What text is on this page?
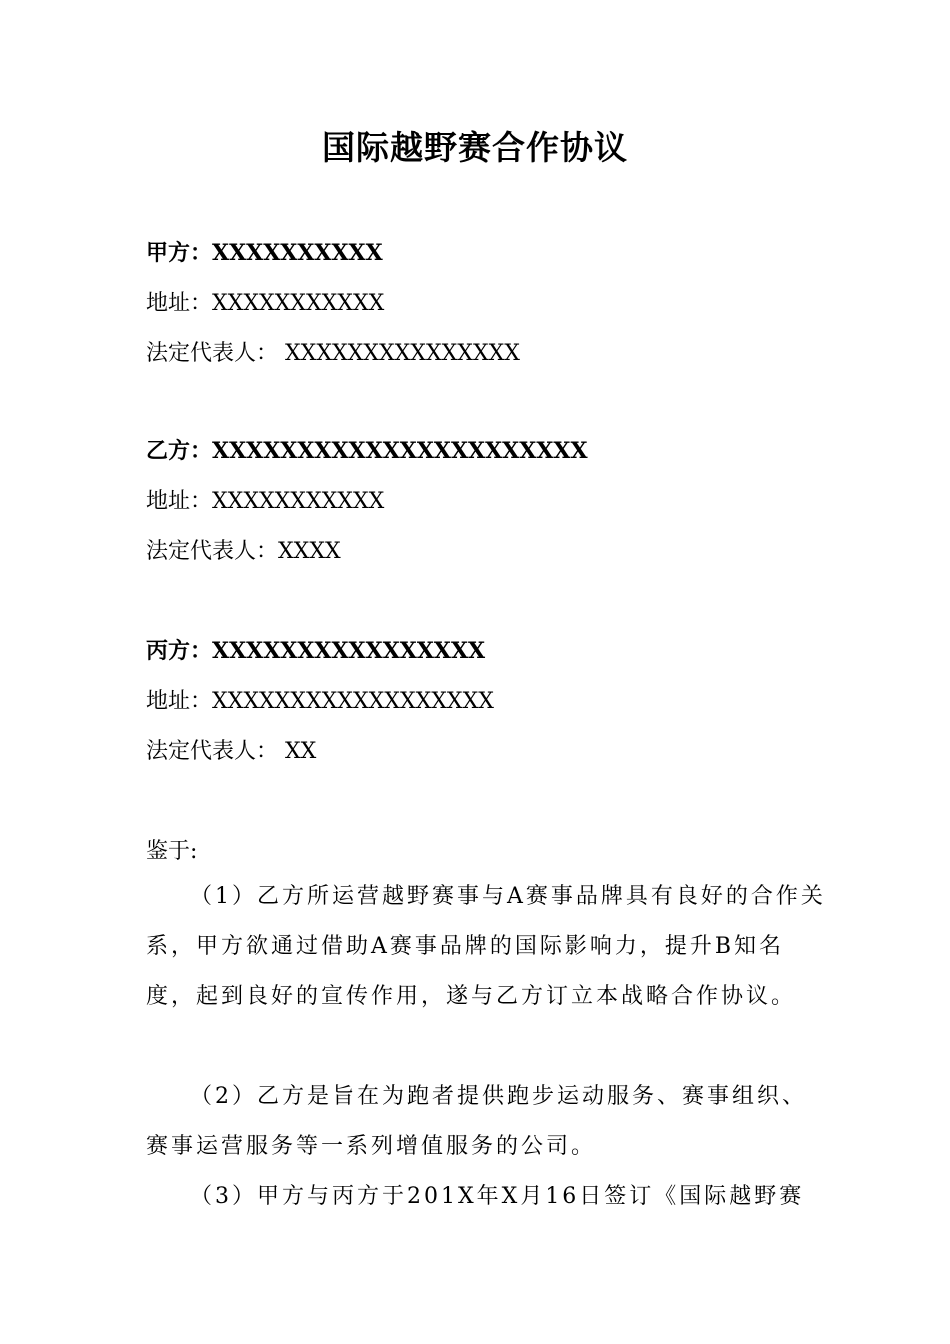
国际越野赛合作协议
甲方：XXXXXXXXXX
地址：XXXXXXXXXXX
法定代表人： XXXXXXXXXXXXXXX
乙方：XXXXXXXXXXXXXXXXXXXXXX
地址：XXXXXXXXXXX
法定代表人：XXXX
丙方：XXXXXXXXXXXXXXXX
地址：XXXXXXXXXXXXXXXXXX
法定代表人： XX
鉴于:
（1）乙方所运营越野赛事与A赛事品牌具有良好的合作关系，甲方欲通过借助A赛事品牌的国际影响力，提升B知名度，起到良好的宣传作用，遂与乙方订立本战略合作协议。
（2）乙方是旨在为跑者提供跑步运动服务、赛事组织、赛事运营服务等一系列增值服务的公司。
（3）甲方与丙方于201X年X月16日签订《国际越野赛
